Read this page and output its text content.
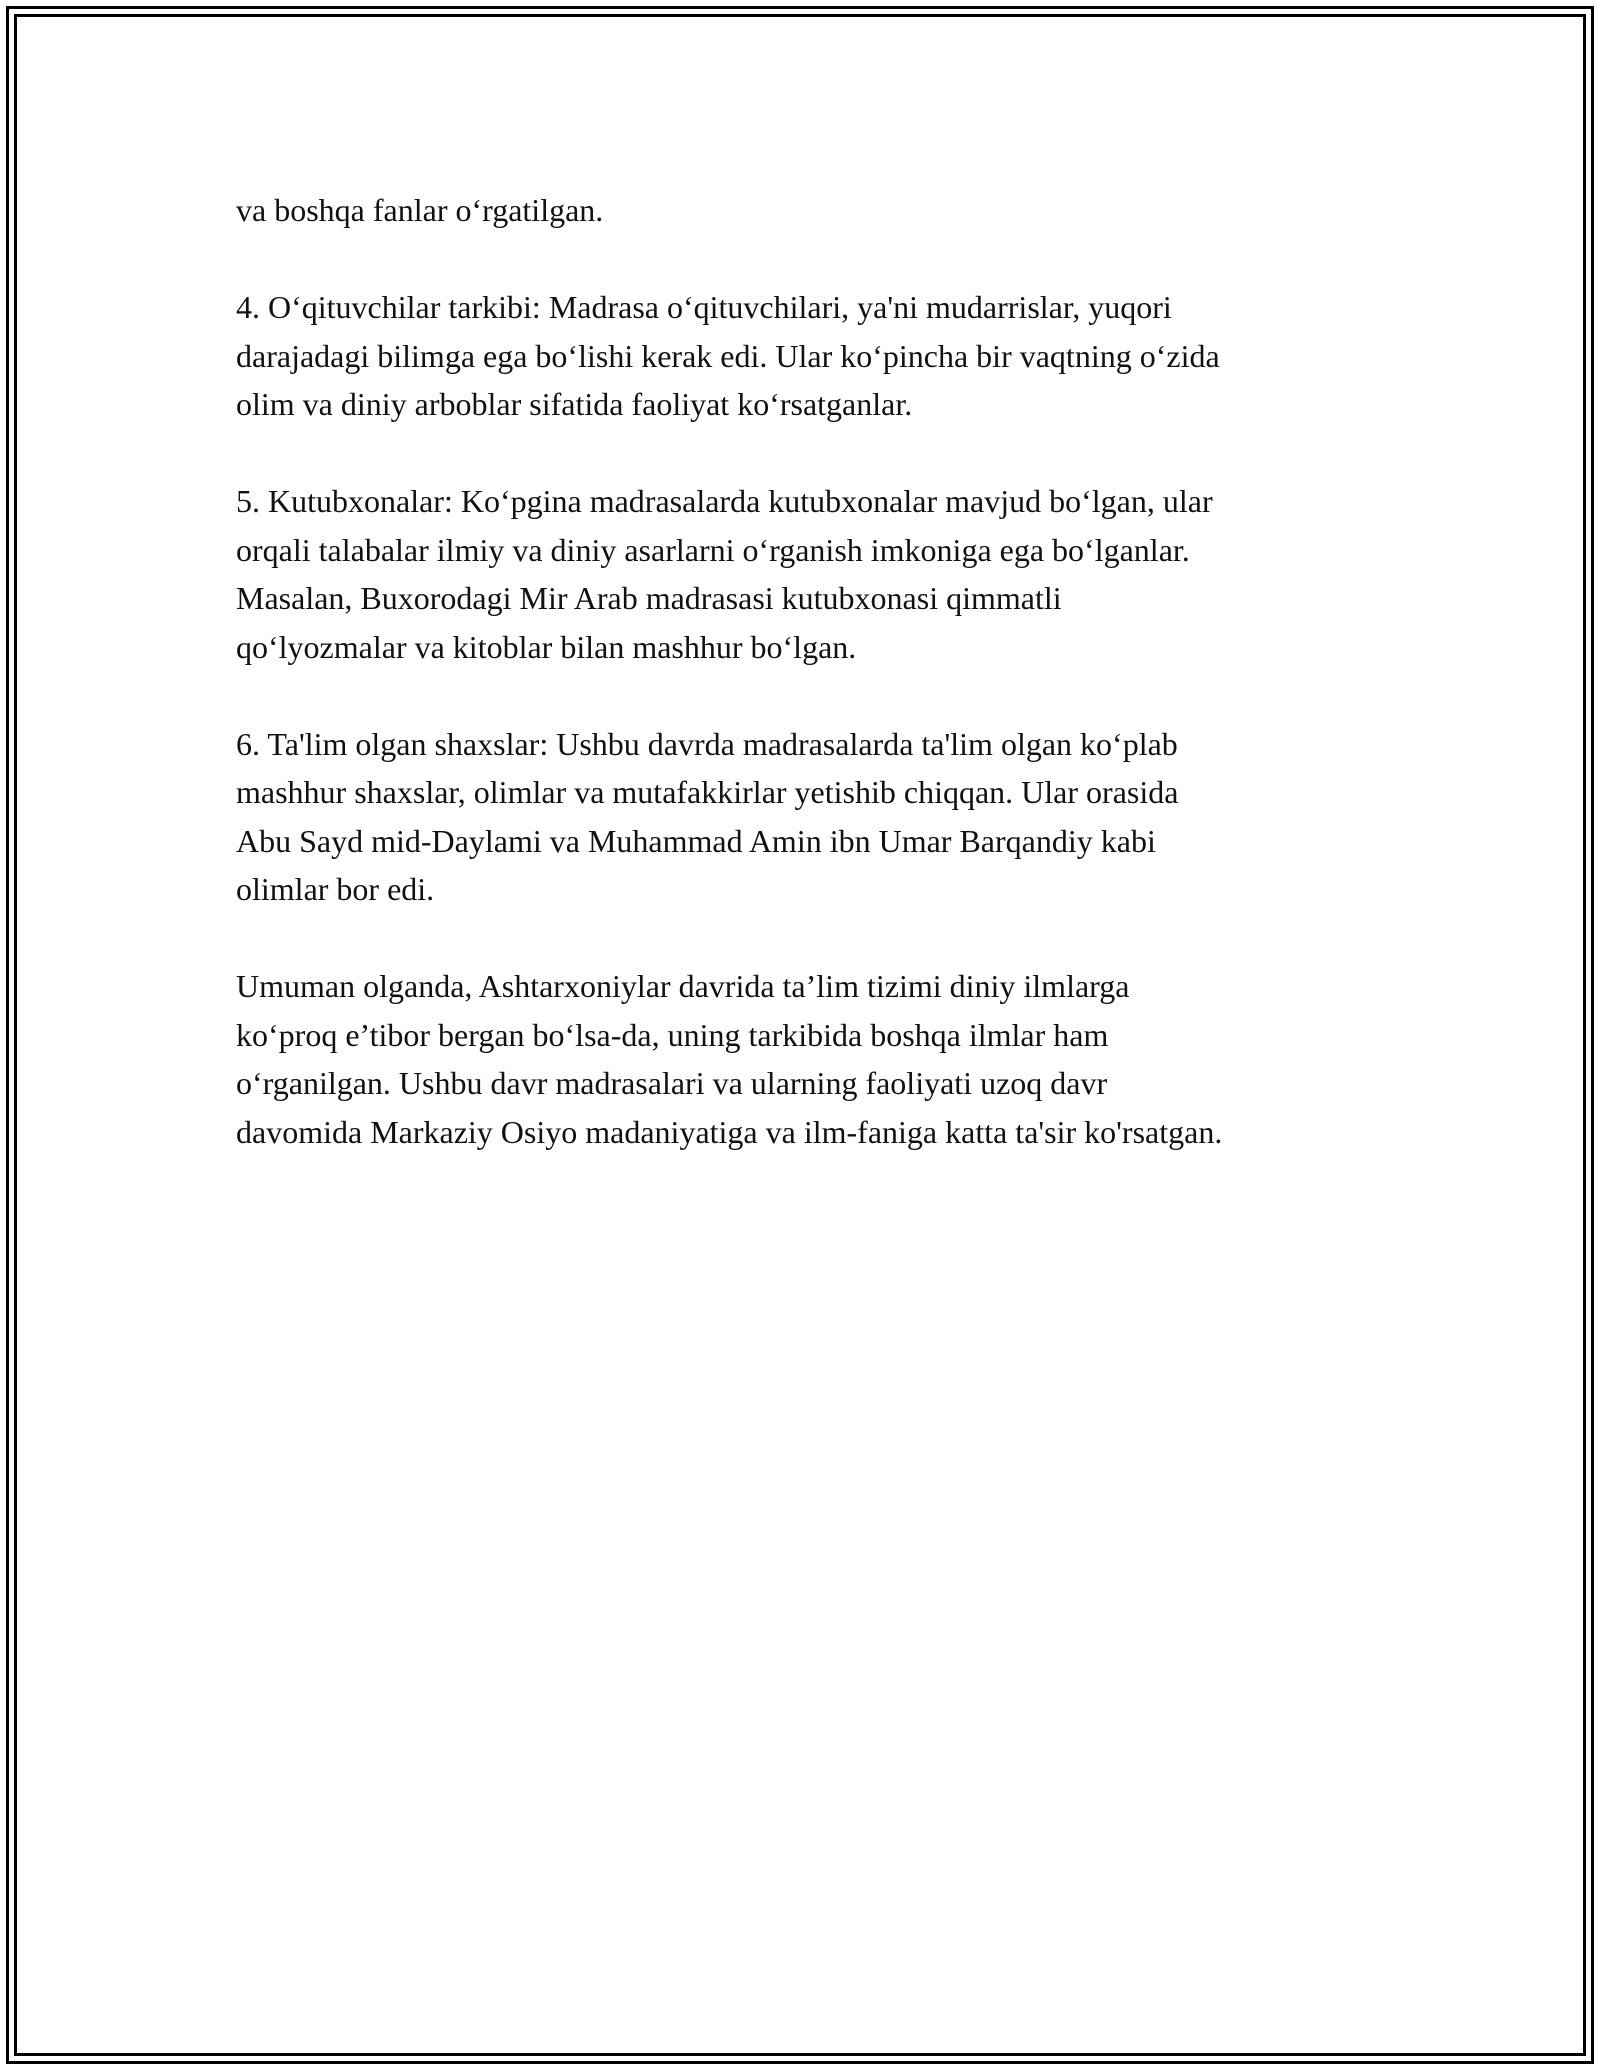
va boshqa fanlar o‘rgatilgan.

4. O‘qituvchilar tarkibi: Madrasa o‘qituvchilari, ya'ni mudarrislar, yuqori
darajadagi bilimga ega bo‘lishi kerak edi. Ular ko‘pincha bir vaqtning o‘zida
olim va diniy arboblar sifatida faoliyat ko‘rsatganlar.

5. Kutubxonalar: Ko‘pgina madrasalarda kutubxonalar mavjud bo‘lgan, ular
orqali talabalar ilmiy va diniy asarlarni o‘rganish imkoniga ega bo‘lganlar.
Masalan, Buxorodagi Mir Arab madrasasi kutubxonasi qimmatli
qo‘lyozmalar va kitoblar bilan mashhur bo‘lgan.

6. Ta'lim olgan shaxslar: Ushbu davrda madrasalarda ta'lim olgan ko‘plab
mashhur shaxslar, olimlar va mutafakkirlar yetishib chiqqan. Ular orasida
Abu Sayd mid-Daylami va Muhammad Amin ibn Umar Barqandiy kabi
olimlar bor edi.

Umuman olganda, Ashtarxoniylar davrida ta’lim tizimi diniy ilmlarga
ko‘proq e’tibor bergan bo‘lsa-da, uning tarkibida boshqa ilmlar ham
o‘rganilgan. Ushbu davr madrasalari va ularning faoliyati uzoq davr
davomida Markaziy Osiyo madaniyatiga va ilm-faniga katta ta'sir ko'rsatgan.
